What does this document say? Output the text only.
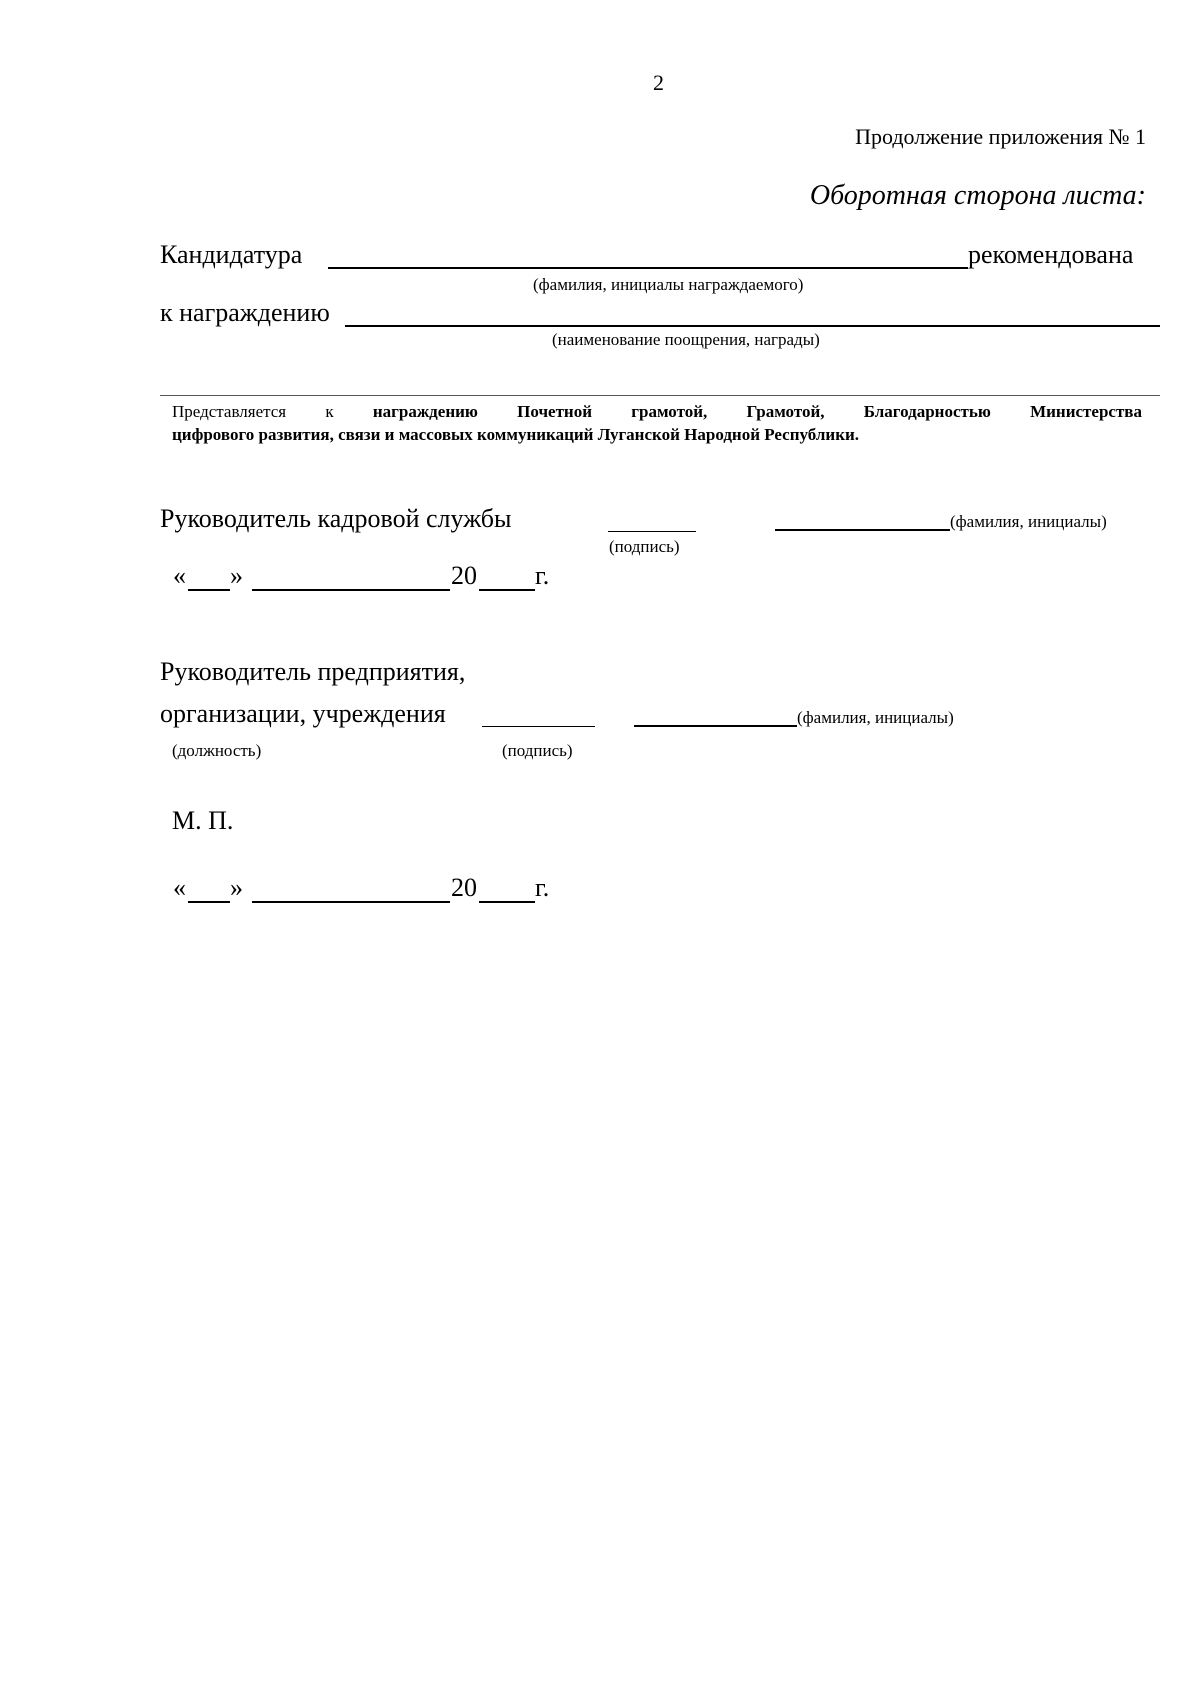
2
Продолжение приложения № 1
Оборотная сторона листа:
Кандидатура	рекомендована
(фамилия, инициалы награждаемого)
к награждению
(наименование поощрения, награды)
Представляется к награждению Почетной грамотой, Грамотой, Благодарностью Министерства
цифрового развития, связи и массовых коммуникаций Луганской Народной Республики.
Руководитель кадровой службы	(фамилия, инициалы)
(подпись)
« »	20 г.
Руководитель предприятия,
организации, учреждения	(фамилия, инициалы)
(должность)	(подпись)
М. П.
« »	20 г.
